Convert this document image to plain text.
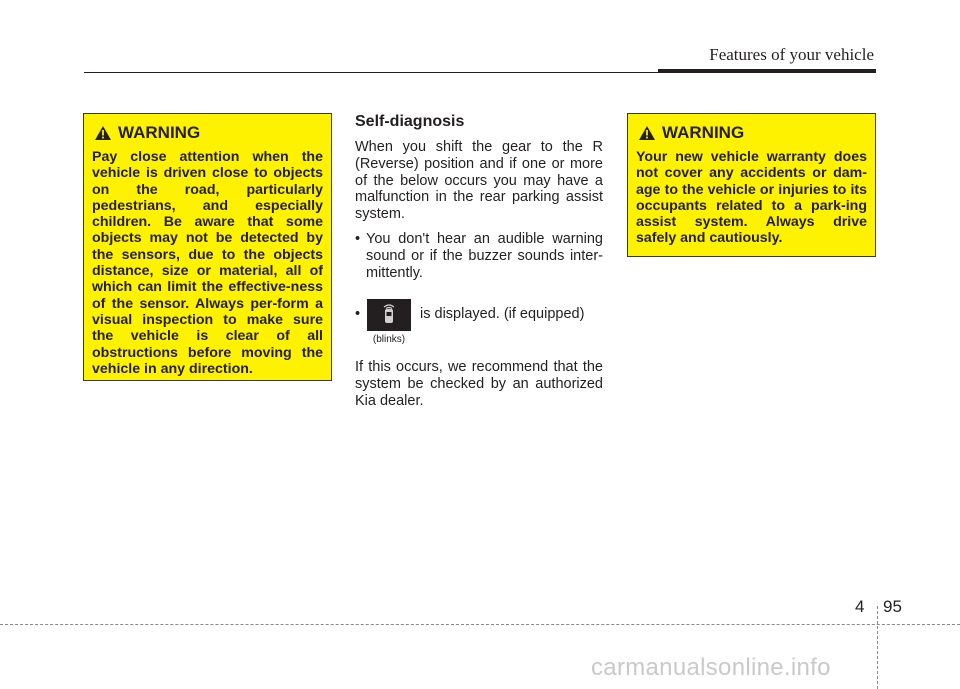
Features of your vehicle
WARNING
Pay close attention when the vehicle is driven close to objects on the road, particularly pedestrians, and especially children. Be aware that some objects may not be detected by the sensors, due to the objects distance, size or material, all of which can limit the effective-ness of the sensor. Always per-form a visual inspection to make sure the vehicle is clear of all obstructions before moving the vehicle in any direction.
Self-diagnosis

When you shift the gear to the R (Reverse) position and if one or more of the below occurs you may have a malfunction in the rear parking assist system.

• You don't hear an audible warning sound or if the buzzer sounds inter-mittently.
•
(blinks)
is displayed. (if equipped)

If this occurs, we recommend that the system be checked by an authorized Kia dealer.

WARNING
Your new vehicle warranty does not cover any accidents or dam-age to the vehicle or injuries to its occupants related to a park-ing assist system. Always drive safely and cautiously.
4 95
carmanualsonline.info
